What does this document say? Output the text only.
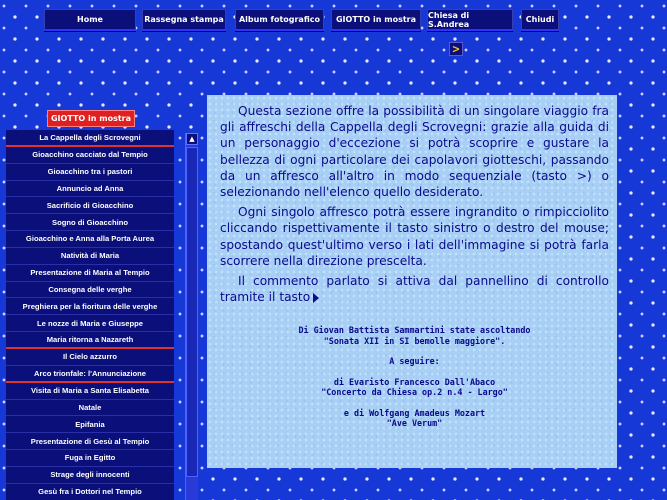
Home	Rassegna stampa	Album fotografico	GIOTTO in mostra	Chiesa di S.Andrea	Chiudi
>
GIOTTO in mostra
La Cappella degli Scrovegni
Gioacchino cacciato dal Tempio
Gioacchino tra i pastori
Annuncio ad Anna
Sacrificio di Gioacchino
Sogno di Gioacchino
Gioacchino e Anna alla Porta Aurea
Natività di Maria
Presentazione di Maria al Tempio
Consegna delle verghe
Preghiera per la fioritura delle verghe
Le nozze di Maria e Giuseppe
Maria ritorna a Nazareth
Il Cielo azzurro
Arco trionfale: l'Annunciazione
Visita di Maria a Santa Elisabetta
Natale
Epifania
Presentazione di Gesù al Tempio
Fuga in Egitto
Strage degli innocenti
Gesù fra i Dottori nel Tempio
▲

Questa sezione offre la possibilità di un singolare viaggio fra gli affreschi della Cappella degli Scrovegni: grazie alla guida di un personaggio d'eccezione si potrà scoprire e gustare la bellezza di ogni particolare dei capolavori giotteschi, passando da un affresco all'altro in modo sequenziale (tasto >) o selezionando nell'elenco quello desiderato.

Ogni singolo affresco potrà essere ingrandito o rimpicciolito cliccando rispettivamente il tasto sinistro o destro del mouse; spostando quest'ultimo verso i lati dell'immagine si potrà farla scorrere nella direzione prescelta.

Il commento parlato si attiva dal pannellino di controllo tramite il tasto

Di Giovan Battista Sammartini state ascoltando
"Sonata XII in SI bemolle maggiore".
A seguire:
di Evaristo Francesco Dall'Abaco
"Concerto da Chiesa op.2 n.4 - Largo"
e di Wolfgang Amadeus Mozart
"Ave Verum"
